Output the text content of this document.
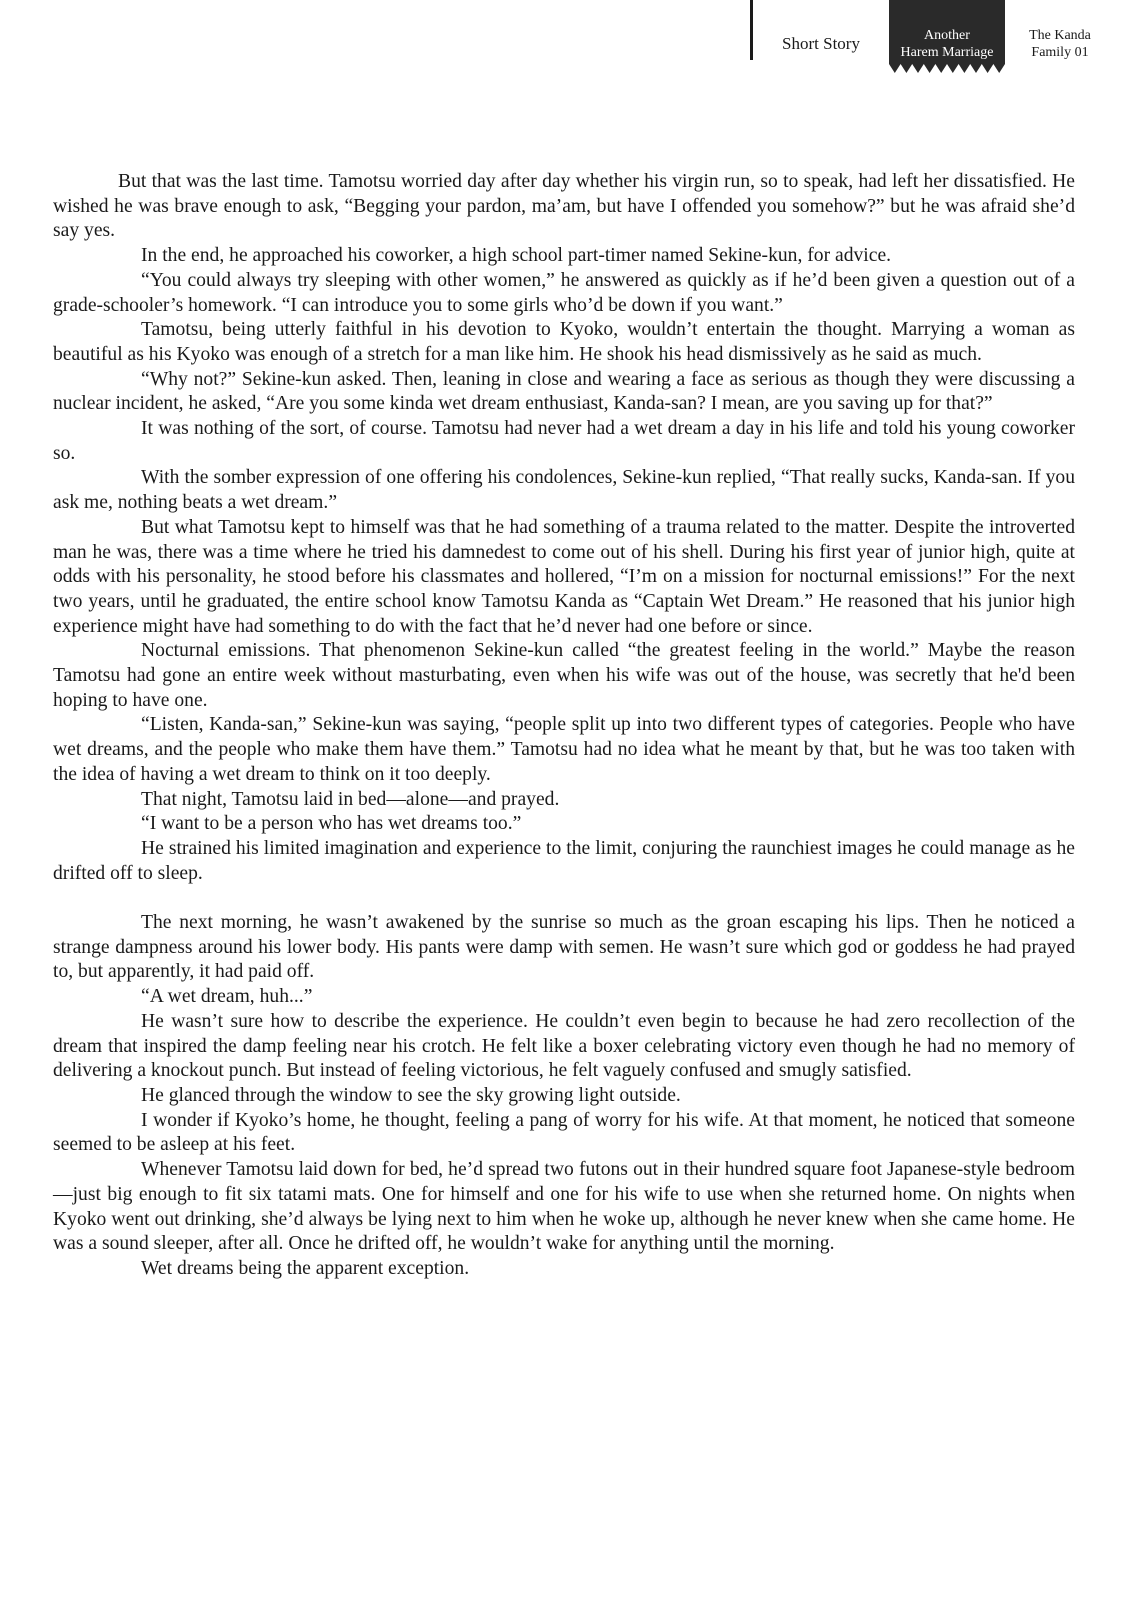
Short Story	Another
Harem Marriage
The Kanda
Family 01

But that was the last time. Tamotsu worried day after day whether his virgin run, so to speak, had left her dissatisfied. He wished he was brave enough to ask, “Begging your pardon, ma’am, but have I offended you somehow?” but he was afraid she’d say yes.

In the end, he approached his coworker, a high school part-timer named Sekine-kun, for advice.

“You could always try sleeping with other women,” he answered as quickly as if he’d been given a question out of a grade-schooler’s homework. “I can introduce you to some girls who’d be down if you want.”

Tamotsu, being utterly faithful in his devotion to Kyoko, wouldn’t entertain the thought. Marrying a woman as beautiful as his Kyoko was enough of a stretch for a man like him. He shook his head dismissively as he said as much.

“Why not?” Sekine-kun asked. Then, leaning in close and wearing a face as serious as though they were discussing a nuclear incident, he asked, “Are you some kinda wet dream enthusiast, Kanda-san? I mean, are you saving up for that?”

It was nothing of the sort, of course. Tamotsu had never had a wet dream a day in his life and told his young coworker so.

With the somber expression of one offering his condolences, Sekine-kun replied, “That really sucks, Kanda-san. If you ask me, nothing beats a wet dream.”

But what Tamotsu kept to himself was that he had something of a trauma related to the matter. Despite the introverted man he was, there was a time where he tried his damnedest to come out of his shell. During his first year of junior high, quite at odds with his personality, he stood before his classmates and hollered, “I’m on a mission for nocturnal emissions!” For the next two years, until he graduated, the entire school know Tamotsu Kanda as “Captain Wet Dream.” He reasoned that his junior high experience might have had something to do with the fact that he’d never had one before or since.

Nocturnal emissions. That phenomenon Sekine-kun called “the greatest feeling in the world.” Maybe the reason Tamotsu had gone an entire week without masturbating, even when his wife was out of the house, was secretly that he'd been hoping to have one.

“Listen, Kanda-san,” Sekine-kun was saying, “people split up into two different types of categories. People who have wet dreams, and the people who make them have them.” Tamotsu had no idea what he meant by that, but he was too taken with the idea of having a wet dream to think on it too deeply.

That night, Tamotsu laid in bed—alone—and prayed.

“I want to be a person who has wet dreams too.”

He strained his limited imagination and experience to the limit, conjuring the raunchiest images he could manage as he drifted off to sleep.

The next morning, he wasn’t awakened by the sunrise so much as the groan escaping his lips. Then he noticed a strange dampness around his lower body. His pants were damp with semen. He wasn’t sure which god or goddess he had prayed to, but apparently, it had paid off.

“A wet dream, huh...”

He wasn’t sure how to describe the experience. He couldn’t even begin to because he had zero recollection of the dream that inspired the damp feeling near his crotch. He felt like a boxer celebrating victory even though he had no memory of delivering a knockout punch. But instead of feeling victorious, he felt vaguely confused and smugly satisfied.

He glanced through the window to see the sky growing light outside.

I wonder if Kyoko’s home, he thought, feeling a pang of worry for his wife. At that moment, he noticed that someone seemed to be asleep at his feet.

Whenever Tamotsu laid down for bed, he’d spread two futons out in their hundred square foot Japanese-style bedroom—just big enough to fit six tatami mats. One for himself and one for his wife to use when she returned home. On nights when Kyoko went out drinking, she’d always be lying next to him when he woke up, although he never knew when she came home. He was a sound sleeper, after all. Once he drifted off, he wouldn’t wake for anything until the morning.

Wet dreams being the apparent exception.
